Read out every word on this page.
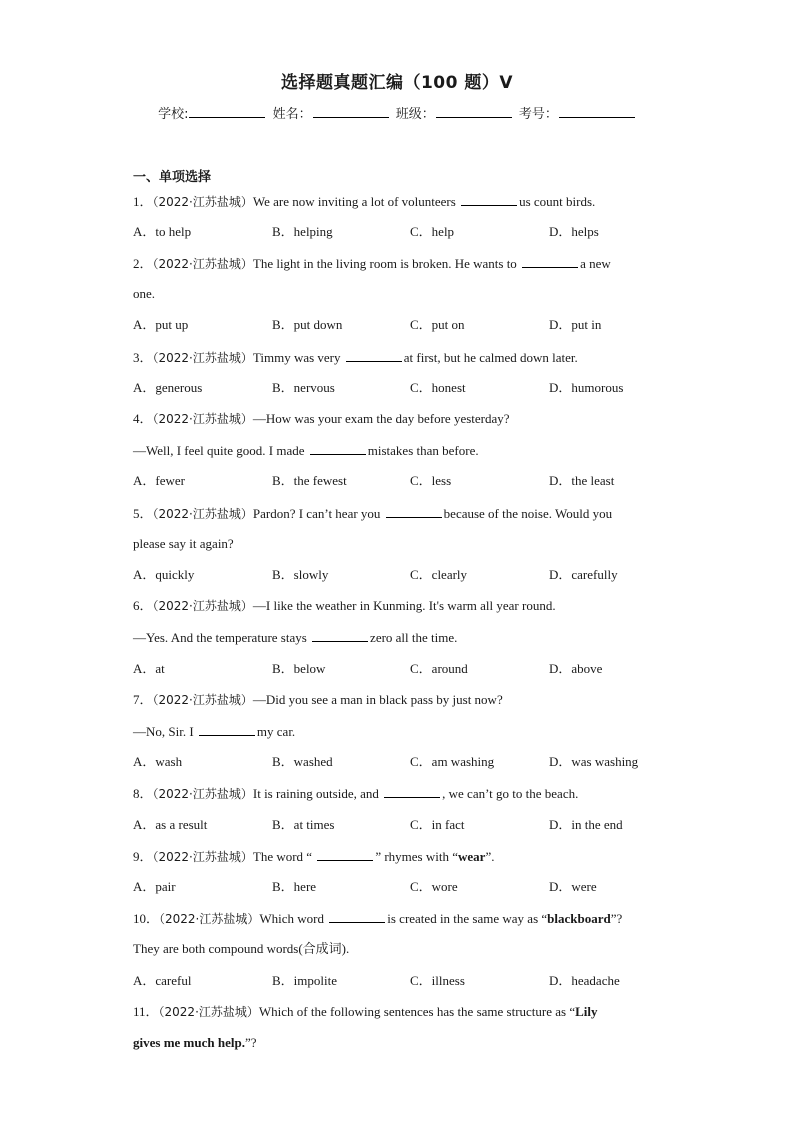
选择题真题汇编（100 题）V
学校:	姓名：	班级：	考号：
一、单项选择
1．（2022·江苏盐城）We are now inviting a lot of volunteers	us count birds.
A．to help	B．helping	C．help	D．helps
2．（2022·江苏盐城）The light in the living room is broken. He wants to	a new
one.
A．put up	B．put down	C．put on	D．put in
3．（2022·江苏盐城）Timmy was very	at first, but he calmed down later.
A．generous	B．nervous	C．honest	D．humorous
4．（2022·江苏盐城）—How was your exam the day before yesterday?
—Well, I feel quite good. I made	mistakes than before.
A．fewer	B．the fewest	C．less	D．the least
5．（2022·江苏盐城）Pardon? I can’t hear you	because of the noise. Would you
please say it again?
A．quickly	B．slowly	C．clearly	D．carefully
6．（2022·江苏盐城）—I like the weather in Kunming. It's warm all year round.
—Yes. And the temperature stays	zero all the time.
A．at	B．below	C．around	D．above
7．（2022·江苏盐城）—Did you see a man in black pass by just now?
—No, Sir. I	my car.
A．wash	B．washed	C．am washing	D．was washing
8．（2022·江苏盐城）It is raining outside, and	, we can’t go to the beach.
A．as a result	B．at times	C．in fact	D．in the end
9．（2022·江苏盐城）The word “	” rhymes with “wear”.
A．pair	B．here	C．wore	D．were
10．（2022·江苏盐城）Which word	is created in the same way as “blackboard”?
They are both compound words(合成词).
A．careful	B．impolite	C．illness	D．headache
11．（2022·江苏盐城）Which of the following sentences has the same structure as “Lily
gives me much help.”?
